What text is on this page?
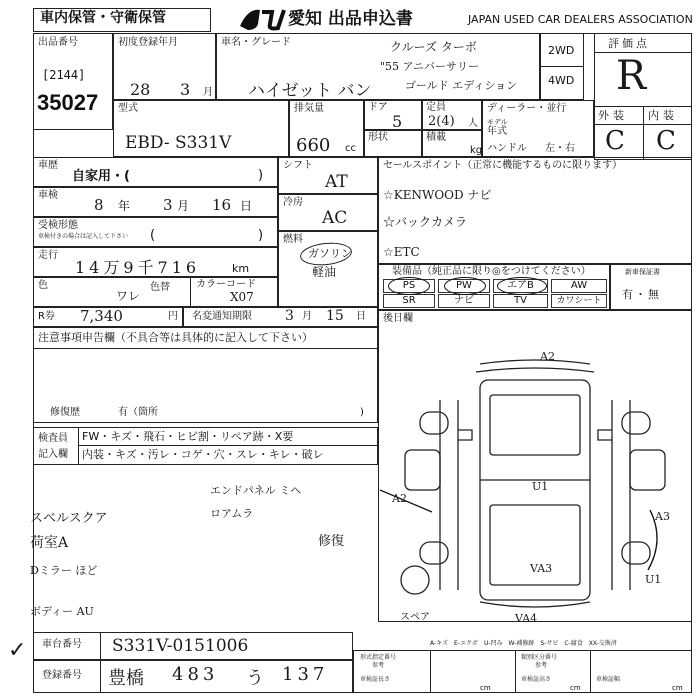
車内保管・守衛保管	愛知 出品申込書	JAPAN USED CAR DEALERS ASSOCIATION
出品番号
[2144]
35027
初度登録年月
28 3 月
車名・グレード
ハイゼット バン
クルーズ ターボ
"55 アニバーサリー
ゴールド エディション
2WD
4WD
評価点
R
外装 内装
C C
型式
EBD- S331V
排気量
660 cc
ドア
5
定員
2(4) 人
形状	積載
kg
ディーラー・並行
モデル
年式
ハンドル 左・右
車歴
自家用・(	)
車検
8 年 3 月 16 日
受検形態
車検付きの場合は記入して下さい (	)
走行
14万9千716	km
色
ワレ
色替	カラーコード
X07
シフト
AT
冷房
AC
燃料
ガソリン
軽油
セールスポイント（正常に機能するものに限ります）
☆KENWOOD ナビ
☆バックカメラ
☆ETC
装備品（純正品に限り◎をつけてください）
PS	PW	エアB	AW
SR	ナビ	TV	カワシート
新車保証書
有・無
R券 7,340	円 名変通知期限 3 月 15 日 後日欄
注意事項申告欄（不具合等は具体的に記入して下さい）
修復歴	有（箇所	)
検査員
記入欄
FW・キズ・飛石・ヒビ割・リペア跡・X要
内装・キズ・汚レ・コゲ・穴・スレ・キレ・破レ
エンドパネル ミヘ
ロアムラ
スベルスクア
荷室A
Dミラー ほど
修復
ボディー AU
A2
A2
U1
A3
U1
VA3
VA4
スペア
A-キズ　E-エクボ　U-凹み　W-補修跡　S-サビ　C-腐食　XX-交換済
車台番号 S331V-0151006
登録番号 豊橋 483 う 137
形式指定番号	類別区分番号
参考	参考
車検証長さ	車検証高さ
cm	cm
車検証幅
cm
✓
